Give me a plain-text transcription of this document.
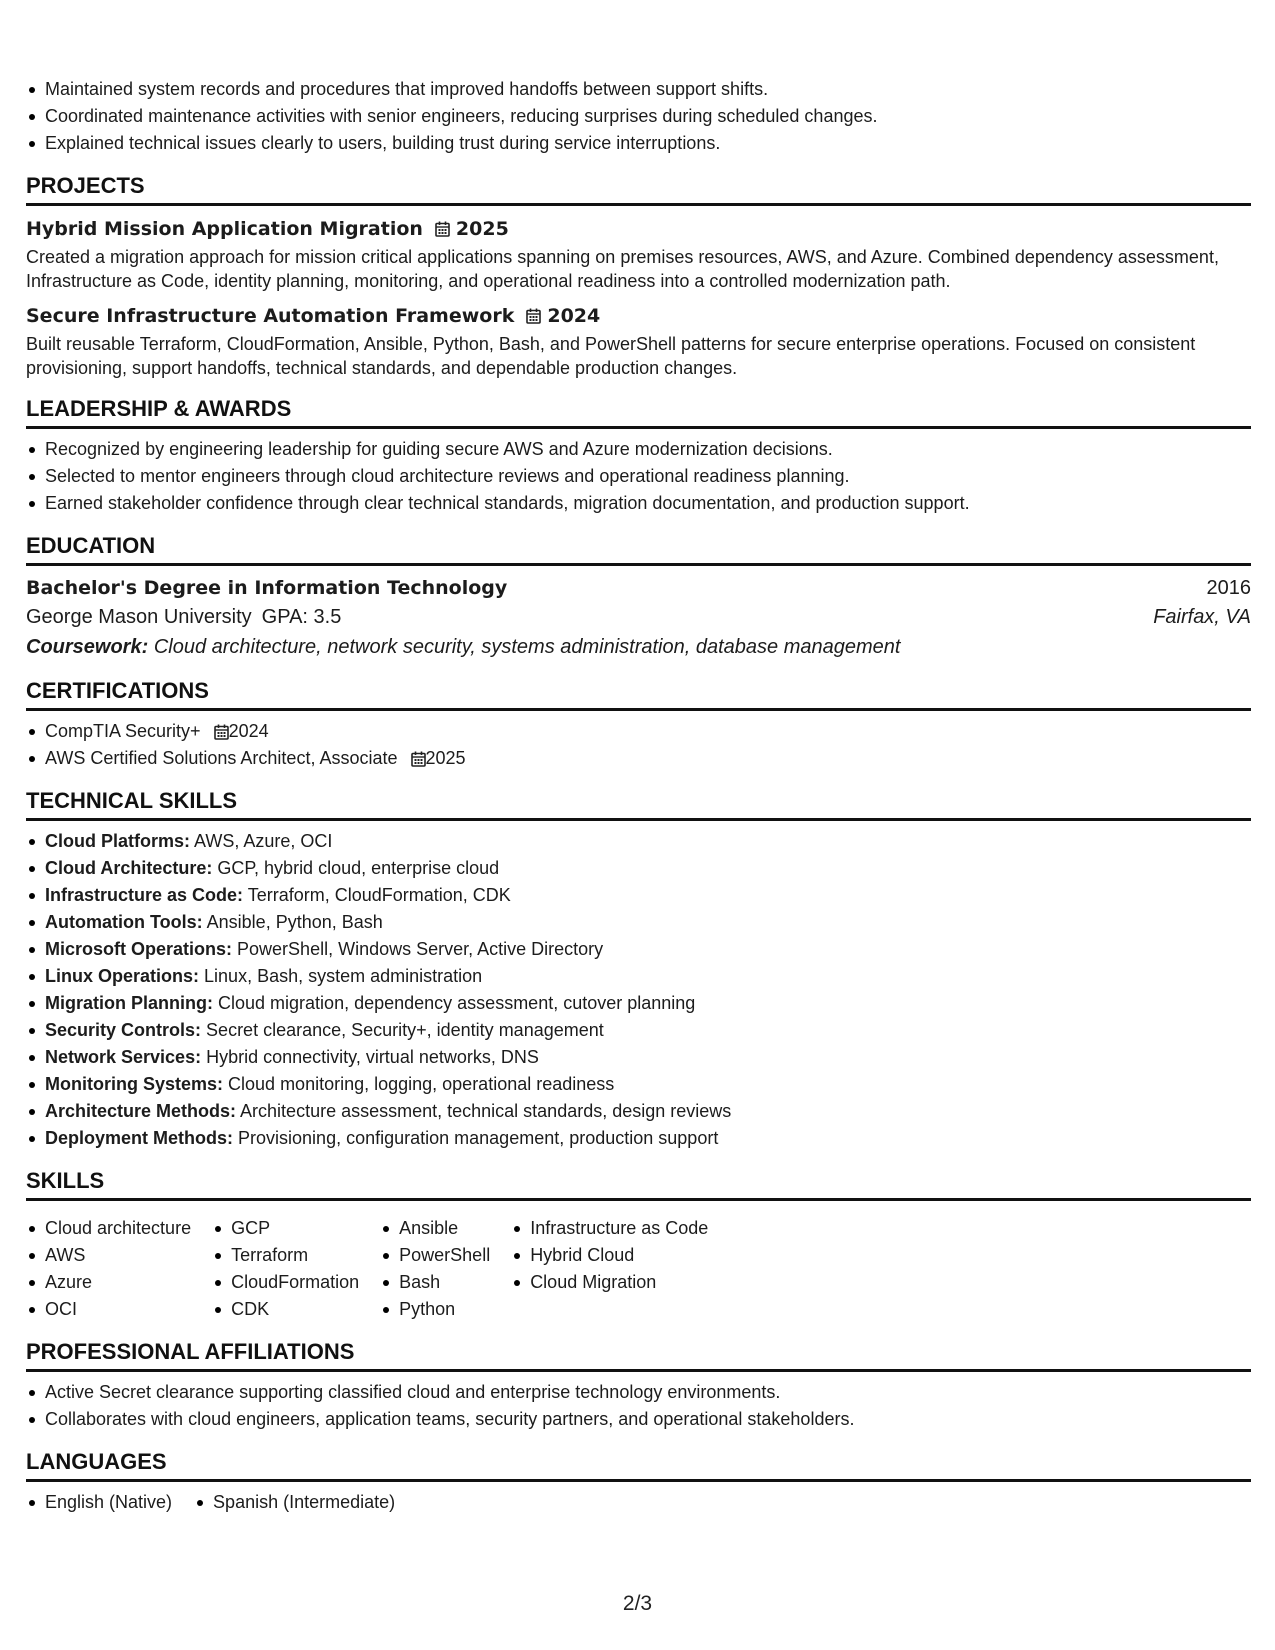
Maintained system records and procedures that improved handoffs between support shifts.
Coordinated maintenance activities with senior engineers, reducing surprises during scheduled changes.
Explained technical issues clearly to users, building trust during service interruptions.
PROJECTS
Hybrid Mission Application Migration 2025
Created a migration approach for mission critical applications spanning on premises resources, AWS, and Azure. Combined dependency assessment, Infrastructure as Code, identity planning, monitoring, and operational readiness into a controlled modernization path.
Secure Infrastructure Automation Framework 2024
Built reusable Terraform, CloudFormation, Ansible, Python, Bash, and PowerShell patterns for secure enterprise operations. Focused on consistent provisioning, support handoffs, technical standards, and dependable production changes.
LEADERSHIP & AWARDS
Recognized by engineering leadership for guiding secure AWS and Azure modernization decisions.
Selected to mentor engineers through cloud architecture reviews and operational readiness planning.
Earned stakeholder confidence through clear technical standards, migration documentation, and production support.
EDUCATION
Bachelor's Degree in Information Technology	2016
George Mason University GPA: 3.5	Fairfax, VA
Coursework: Cloud architecture, network security, systems administration, database management
CERTIFICATIONS
CompTIA Security+ 2024
AWS Certified Solutions Architect, Associate 2025
TECHNICAL SKILLS
Cloud Platforms: AWS, Azure, OCI
Cloud Architecture: GCP, hybrid cloud, enterprise cloud
Infrastructure as Code: Terraform, CloudFormation, CDK
Automation Tools: Ansible, Python, Bash
Microsoft Operations: PowerShell, Windows Server, Active Directory
Linux Operations: Linux, Bash, system administration
Migration Planning: Cloud migration, dependency assessment, cutover planning
Security Controls: Secret clearance, Security+, identity management
Network Services: Hybrid connectivity, virtual networks, DNS
Monitoring Systems: Cloud monitoring, logging, operational readiness
Architecture Methods: Architecture assessment, technical standards, design reviews
Deployment Methods: Provisioning, configuration management, production support
SKILLS
Cloud architecture
AWS
Azure
OCI
GCP
Terraform
CloudFormation
CDK
Ansible
PowerShell
Bash
Python
Infrastructure as Code
Hybrid Cloud
Cloud Migration
PROFESSIONAL AFFILIATIONS
Active Secret clearance supporting classified cloud and enterprise technology environments.
Collaborates with cloud engineers, application teams, security partners, and operational stakeholders.
LANGUAGES
English (Native)	Spanish (Intermediate)
2/3
